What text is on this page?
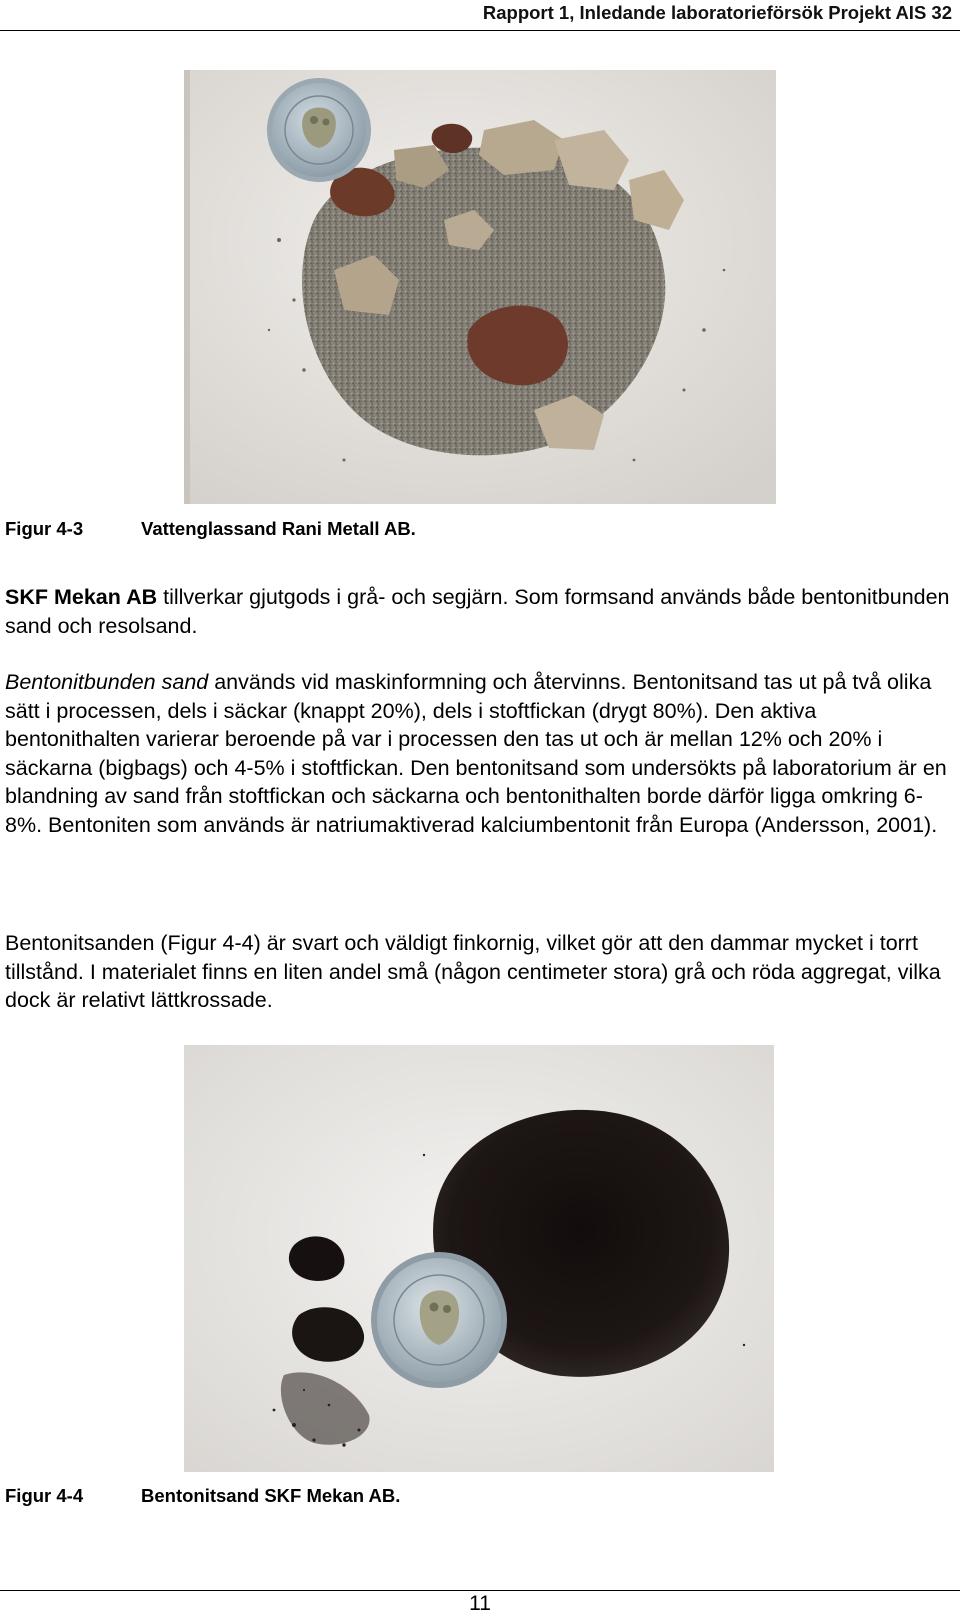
Rapport 1, Inledande laboratorieförsök Projekt AIS 32
Figur 4-3	Vattenglassand Rani Metall AB.

SKF Mekan AB tillverkar gjutgods i grå- och segjärn. Som formsand används både bentonitbunden sand och resolsand.

Bentonitbunden sand används vid maskinformning och återvinns. Bentonitsand tas ut på två olika sätt i processen, dels i säckar (knappt 20%), dels i stoftfickan (drygt 80%). Den aktiva bentonithalten varierar beroende på var i processen den tas ut och är mellan 12% och 20% i säckarna (bigbags) och 4-5% i stoftfickan. Den bentonitsand som undersökts på laboratorium är en blandning av sand från stoftfickan och säckarna och bentonithalten borde därför ligga omkring 6-8%. Bentoniten som används är natriumaktiverad kalciumbentonit från Europa (Andersson, 2001).

Bentonitsanden (Figur 4-4) är svart och väldigt finkornig, vilket gör att den dammar mycket i torrt tillstånd. I materialet finns en liten andel små (någon centimeter stora) grå och röda aggregat, vilka dock är relativt lättkrossade.

Figur 4-4	Bentonitsand SKF Mekan AB.
11
